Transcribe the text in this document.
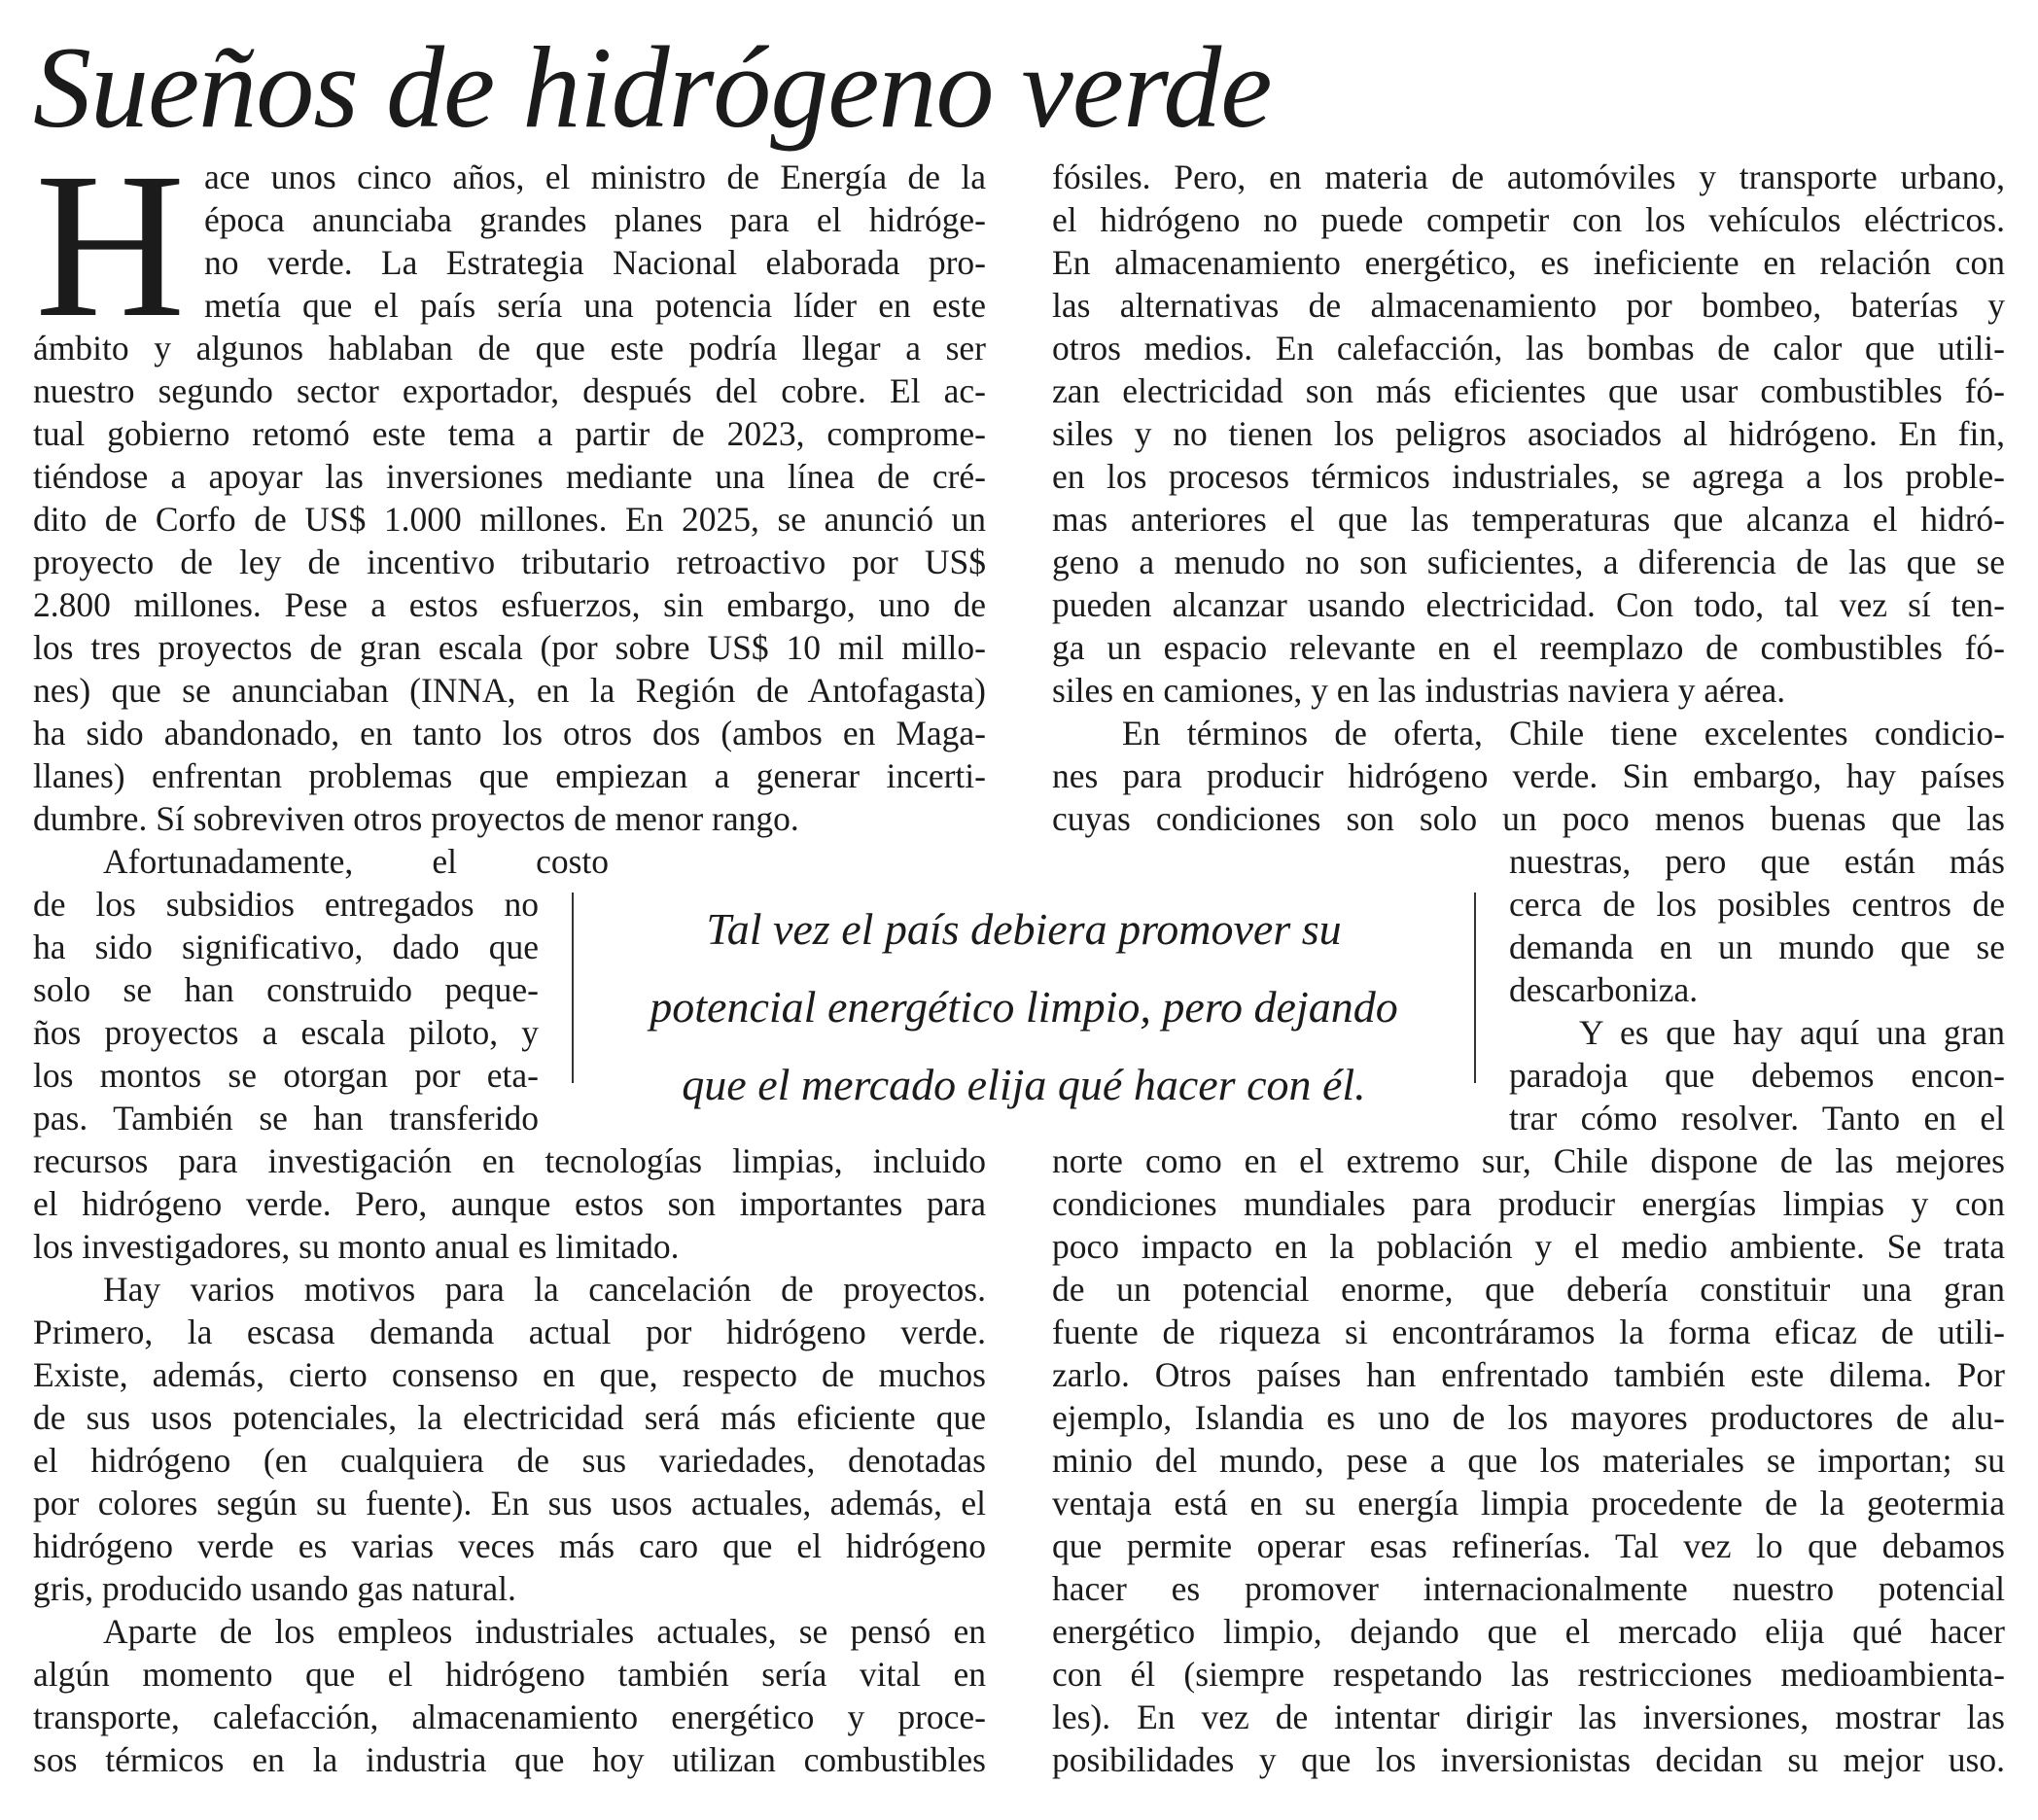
Sueños de hidrógeno verde
H ace unos cinco años, el ministro de Energía de la
época anunciaba grandes planes para el hidróge-
no verde. La Estrategia Nacional elaborada pro-
metía que el país sería una potencia líder en este
ámbito y algunos hablaban de que este podría llegar a ser
nuestro segundo sector exportador, después del cobre. El ac-
tual gobierno retomó este tema a partir de 2023, comprome-
tiéndose a apoyar las inversiones mediante una línea de cré-
dito de Corfo de US$ 1.000 millones. En 2025, se anunció un
proyecto de ley de incentivo tributario retroactivo por US$
2.800 millones. Pese a estos esfuerzos, sin embargo, uno de
los tres proyectos de gran escala (por sobre US$ 10 mil millo-
nes) que se anunciaban (INNA, en la Región de Antofagasta)
ha sido abandonado, en tanto los otros dos (ambos en Maga-
llanes) enfrentan problemas que empiezan a generar incerti-
dumbre. Sí sobreviven otros proyectos de menor rango.
Afortunadamente, el costo
de los subsidios entregados no
ha sido significativo, dado que
solo se han construido peque-
ños proyectos a escala piloto, y
los montos se otorgan por eta-
pas. También se han transferido
recursos para investigación en tecnologías limpias, incluido
el hidrógeno verde. Pero, aunque estos son importantes para
los investigadores, su monto anual es limitado.
Hay varios motivos para la cancelación de proyectos.
Primero, la escasa demanda actual por hidrógeno verde.
Existe, además, cierto consenso en que, respecto de muchos
de sus usos potenciales, la electricidad será más eficiente que
el hidrógeno (en cualquiera de sus variedades, denotadas
por colores según su fuente). En sus usos actuales, además, el
hidrógeno verde es varias veces más caro que el hidrógeno
gris, producido usando gas natural.
Aparte de los empleos industriales actuales, se pensó en
algún momento que el hidrógeno también sería vital en
transporte, calefacción, almacenamiento energético y proce-
sos térmicos en la industria que hoy utilizan combustibles
fósiles. Pero, en materia de automóviles y transporte urbano,
el hidrógeno no puede competir con los vehículos eléctricos.
En almacenamiento energético, es ineficiente en relación con
las alternativas de almacenamiento por bombeo, baterías y
otros medios. En calefacción, las bombas de calor que utili-
zan electricidad son más eficientes que usar combustibles fó-
siles y no tienen los peligros asociados al hidrógeno. En fin,
en los procesos térmicos industriales, se agrega a los proble-
mas anteriores el que las temperaturas que alcanza el hidró-
geno a menudo no son suficientes, a diferencia de las que se
pueden alcanzar usando electricidad. Con todo, tal vez sí ten-
ga un espacio relevante en el reemplazo de combustibles fó-
siles en camiones, y en las industrias naviera y aérea.
En términos de oferta, Chile tiene excelentes condicio-
nes para producir hidrógeno verde. Sin embargo, hay países
cuyas condiciones son solo un poco menos buenas que las
nuestras, pero que están más
cerca de los posibles centros de
demanda en un mundo que se
descarboniza.
Y es que hay aquí una gran
paradoja que debemos encon-
trar cómo resolver. Tanto en el
norte como en el extremo sur, Chile dispone de las mejores
condiciones mundiales para producir energías limpias y con
poco impacto en la población y el medio ambiente. Se trata
de un potencial enorme, que debería constituir una gran
fuente de riqueza si encontráramos la forma eficaz de utili-
zarlo. Otros países han enfrentado también este dilema. Por
ejemplo, Islandia es uno de los mayores productores de alu-
minio del mundo, pese a que los materiales se importan; su
ventaja está en su energía limpia procedente de la geotermia
que permite operar esas refinerías. Tal vez lo que debamos
hacer es promover internacionalmente nuestro potencial
energético limpio, dejando que el mercado elija qué hacer
con él (siempre respetando las restricciones medioambienta-
les). En vez de intentar dirigir las inversiones, mostrar las
posibilidades y que los inversionistas decidan su mejor uso.
Tal vez el país debiera promover su
potencial energético limpio, pero dejando
que el mercado elija qué hacer con él.
